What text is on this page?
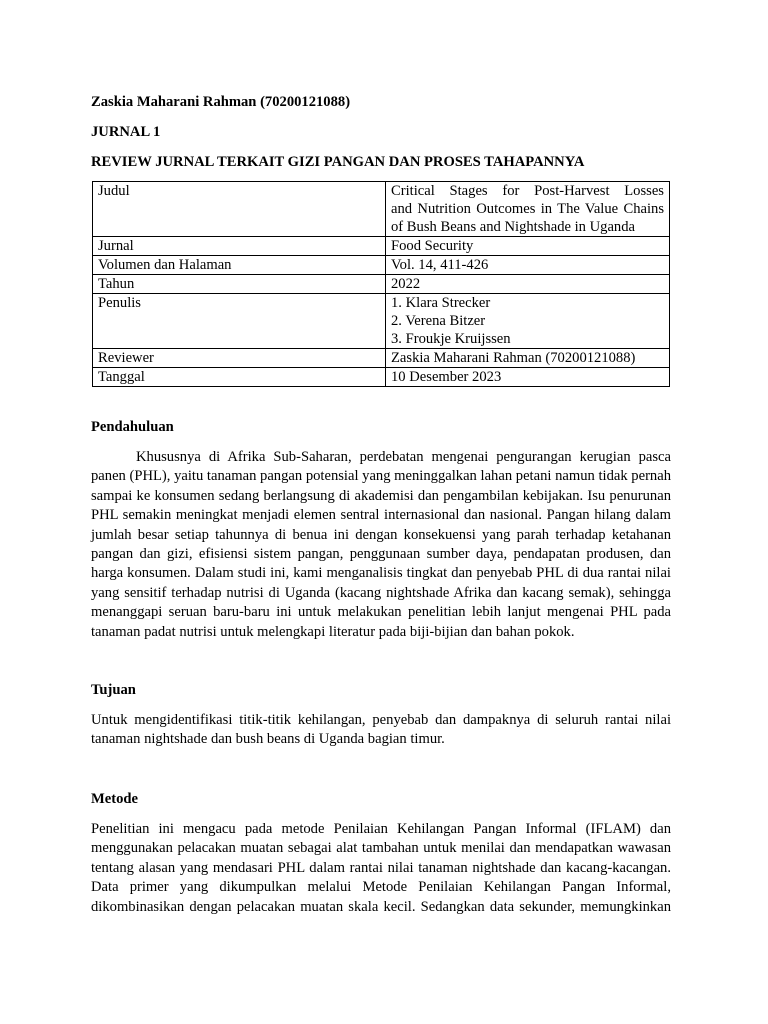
Zaskia Maharani Rahman (70200121088)
JURNAL 1
REVIEW JURNAL TERKAIT GIZI PANGAN DAN PROSES TAHAPANNYA
Judul	Critical Stages for Post-Harvest Losses
and Nutrition Outcomes in The Value Chains
of Bush Beans and Nightshade in Uganda

Jurnal	Food Security

Volumen dan Halaman	Vol. 14, 411-426

Tahun	2022

Penulis	1. Klara Strecker
2. Verena Bitzer
3. Froukje Kruijssen

Reviewer	Zaskia Maharani Rahman (70200121088)

Tanggal	10 Desember 2023
Pendahuluan
Khususnya di Afrika Sub-Saharan, perdebatan mengenai pengurangan kerugian pasca
panen (PHL), yaitu tanaman pangan potensial yang meninggalkan lahan petani namun tidak pernah
sampai ke konsumen sedang berlangsung di akademisi dan pengambilan kebijakan. Isu penurunan
PHL semakin meningkat menjadi elemen sentral internasional dan nasional. Pangan hilang dalam
jumlah besar setiap tahunnya di benua ini dengan konsekuensi yang parah terhadap ketahanan
pangan dan gizi, efisiensi sistem pangan, penggunaan sumber daya, pendapatan produsen, dan
harga konsumen. Dalam studi ini, kami menganalisis tingkat dan penyebab PHL di dua rantai nilai
yang sensitif terhadap nutrisi di Uganda (kacang nightshade Afrika dan kacang semak), sehingga
menanggapi seruan baru-baru ini untuk melakukan penelitian lebih lanjut mengenai PHL pada
tanaman padat nutrisi untuk melengkapi literatur pada biji-bijian dan bahan pokok.
Tujuan
Untuk mengidentifikasi titik-titik kehilangan, penyebab dan dampaknya di seluruh rantai nilai
tanaman nightshade dan bush beans di Uganda bagian timur.
Metode
Penelitian ini mengacu pada metode Penilaian Kehilangan Pangan Informal (IFLAM) dan
menggunakan pelacakan muatan sebagai alat tambahan untuk menilai dan mendapatkan wawasan
tentang alasan yang mendasari PHL dalam rantai nilai tanaman nightshade dan kacang-kacangan.
Data primer yang dikumpulkan melalui Metode Penilaian Kehilangan Pangan Informal,
dikombinasikan dengan pelacakan muatan skala kecil. Sedangkan data sekunder, memungkinkan
